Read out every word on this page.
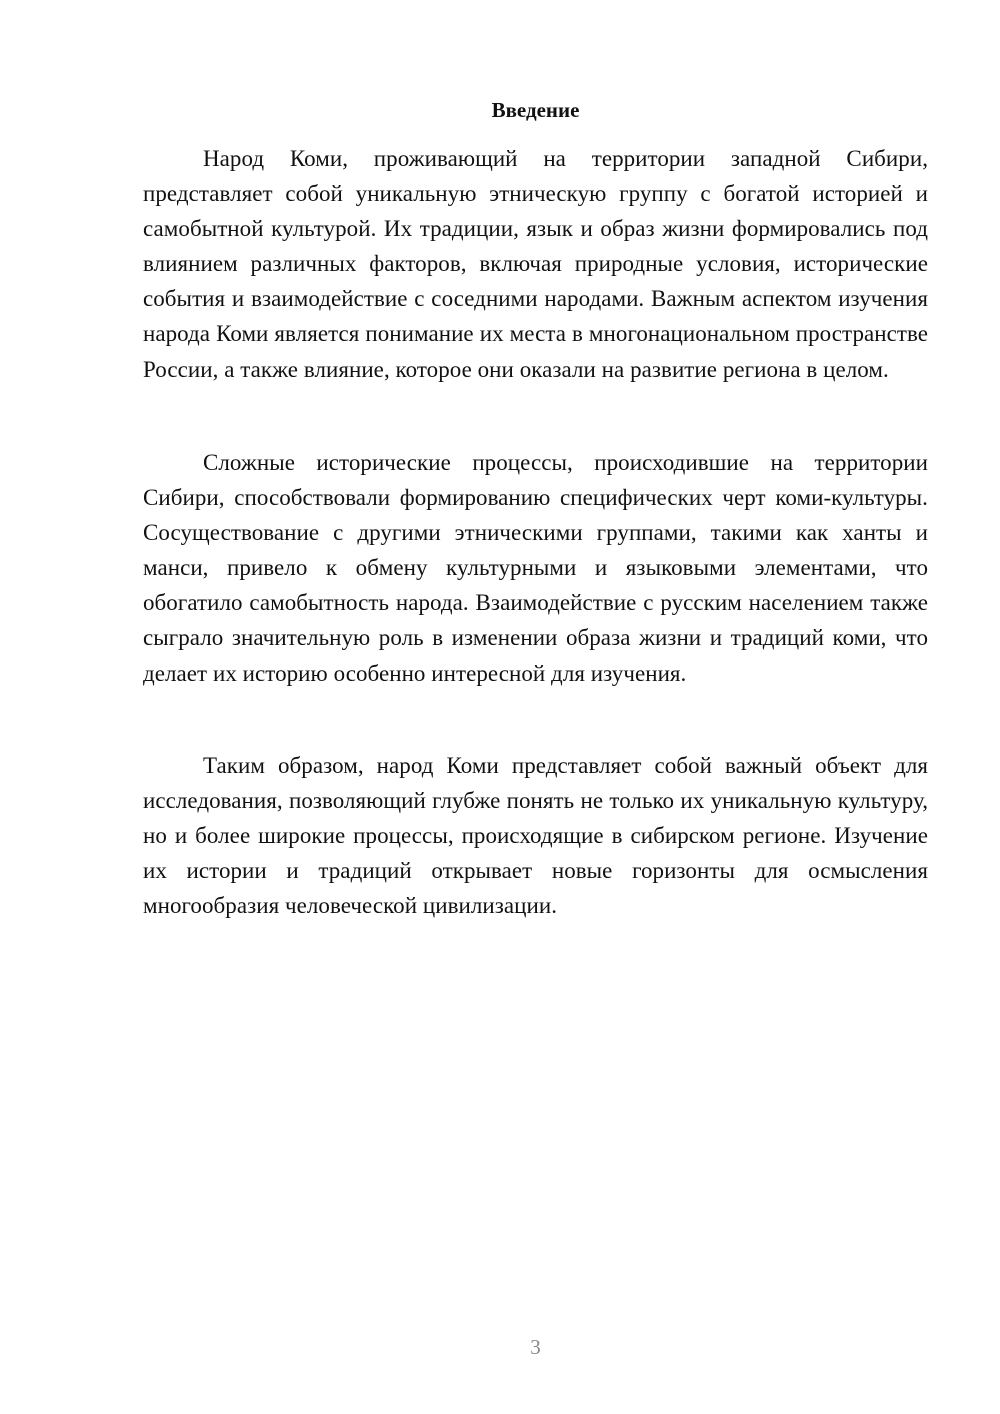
Введение

Народ Коми, проживающий на территории западной Сибири, представляет собой уникальную этническую группу с богатой историей и самобытной культурой. Их традиции, язык и образ жизни формировались под влиянием различных факторов, включая природные условия, исторические события и взаимодействие с соседними народами. Важным аспектом изучения народа Коми является понимание их места в многонациональном пространстве России, а также влияние, которое они оказали на развитие региона в целом.

Сложные исторические процессы, происходившие на территории Сибири, способствовали формированию специфических черт коми-культуры. Сосуществование с другими этническими группами, такими как ханты и манси, привело к обмену культурными и языковыми элементами, что обогатило самобытность народа. Взаимодействие с русским населением также сыграло значительную роль в изменении образа жизни и традиций коми, что делает их историю особенно интересной для изучения.

Таким образом, народ Коми представляет собой важный объект для исследования, позволяющий глубже понять не только их уникальную культуру, но и более широкие процессы, происходящие в сибирском регионе. Изучение их истории и традиций открывает новые горизонты для осмысления многообразия человеческой цивилизации.

3
